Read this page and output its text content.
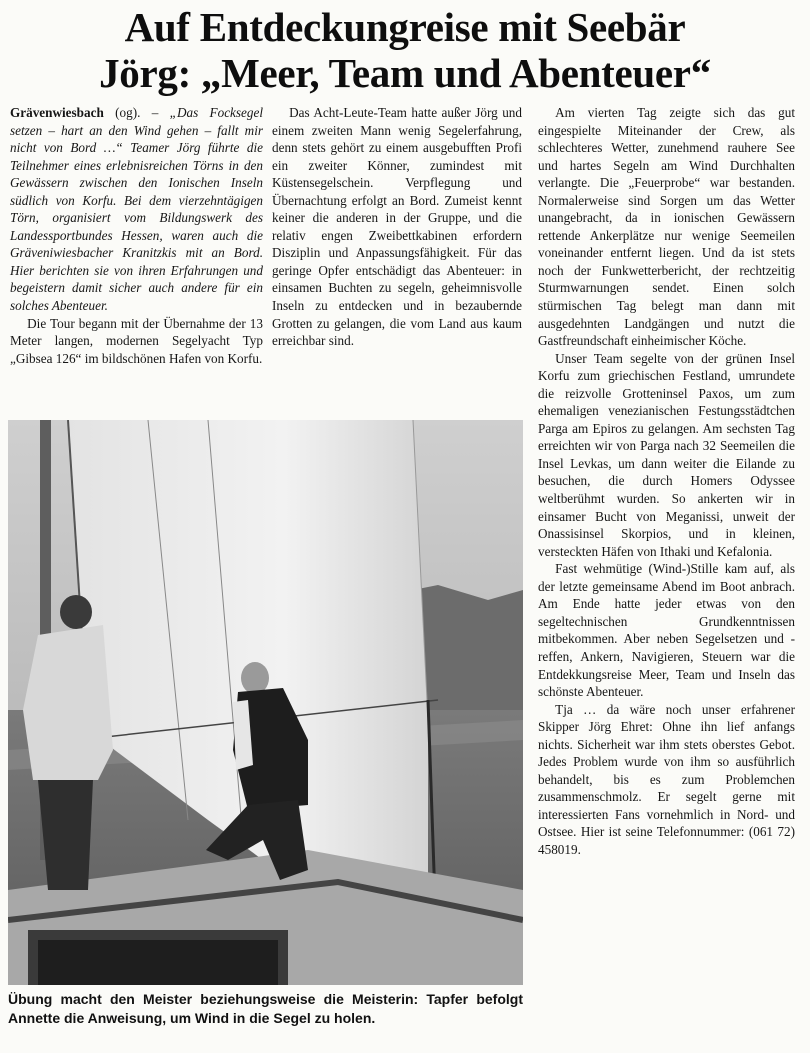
Auf Entdeckungreise mit Seebär
Jörg: „Meer, Team und Abenteuer“

Grävenwiesbach (og). – „Das Focksegel setzen – hart an den Wind gehen – fallt mir nicht von Bord …“ Teamer Jörg führte die Teilnehmer eines erlebnisreichen Törns in den Gewässern zwischen den Ionischen Inseln südlich von Korfu. Bei dem vierzehntägigen Törn, organisiert vom Bildungswerk des Landessportbundes Hessen, waren auch die Gräveniwiesbacher Kranitzkis mit an Bord. Hier berichten sie von ihren Erfahrungen und begeistern damit sicher auch andere für ein solches Abenteuer.

Die Tour begann mit der Übernahme der 13 Meter langen, modernen Segelyacht Typ „Gibsea 126“ im bildschönen Hafen von Korfu.

Das Acht-Leute-Team hatte außer Jörg und einem zweiten Mann wenig Segelerfahrung, denn stets gehört zu einem ausgebufften Profi ein zweiter Könner, zumindest mit Küstensegelschein. Verpflegung und Übernachtung erfolgt an Bord. Zumeist kennt keiner die anderen in der Gruppe, und die relativ engen Zweibettkabinen erfordern Disziplin und Anpassungsfähigkeit. Für das geringe Opfer entschädigt das Abenteuer: in einsamen Buchten zu segeln, geheimnisvolle Inseln zu entdecken und in bezaubernde Grotten zu gelangen, die vom Land aus kaum erreichbar sind.

Am vierten Tag zeigte sich das gut eingespielte Miteinander der Crew, als schlechteres Wetter, zunehmend rauhere See und hartes Segeln am Wind Durchhalten verlangte. Die „Feuerprobe“ war bestanden. Normalerweise sind Sorgen um das Wetter unangebracht, da in ionischen Gewässern rettende Ankerplätze nur wenige Seemeilen voneinander entfernt liegen. Und da ist stets noch der Funkwetterbericht, der rechtzeitig Sturmwarnungen sendet. Einen solch stürmischen Tag belegt man dann mit ausgedehnten Landgängen und nutzt die Gastfreundschaft einheimischer Köche.

Unser Team segelte von der grünen Insel Korfu zum griechischen Festland, umrundete die reizvolle Grotteninsel Paxos, um zum ehemaligen venezianischen Festungsstädtchen Parga am Epiros zu gelangen. Am sechsten Tag erreichten wir von Parga nach 32 Seemeilen die Insel Levkas, um dann weiter die Eilande zu besuchen, die durch Homers Odyssee weltberühmt wurden. So ankerten wir in einsamer Bucht von Meganissi, unweit der Onassisinsel Skorpios, und in kleinen, versteckten Häfen von Ithaki und Kefalonia.

Fast wehmütige (Wind-)Stille kam auf, als der letzte gemeinsame Abend im Boot anbrach. Am Ende hatte jeder etwas von den segeltechnischen Grundkenntnissen mitbekommen. Aber neben Segelsetzen und -reffen, Ankern, Navigieren, Steuern war die Entdekkungsreise Meer, Team und Inseln das schönste Abenteuer.

Tja … da wäre noch unser erfahrener Skipper Jörg Ehret: Ohne ihn lief anfangs nichts. Sicherheit war ihm stets oberstes Gebot. Jedes Problem wurde von ihm so ausführlich behandelt, bis es zum Problemchen zusammenschmolz. Er segelt gerne mit interessierten Fans vornehmlich in Nord- und Ostsee. Hier ist seine Telefonnummer: (061 72) 458019.

Übung macht den Meister beziehungsweise die Meisterin: Tapfer befolgt Annette die Anweisung, um Wind in die Segel zu holen.
